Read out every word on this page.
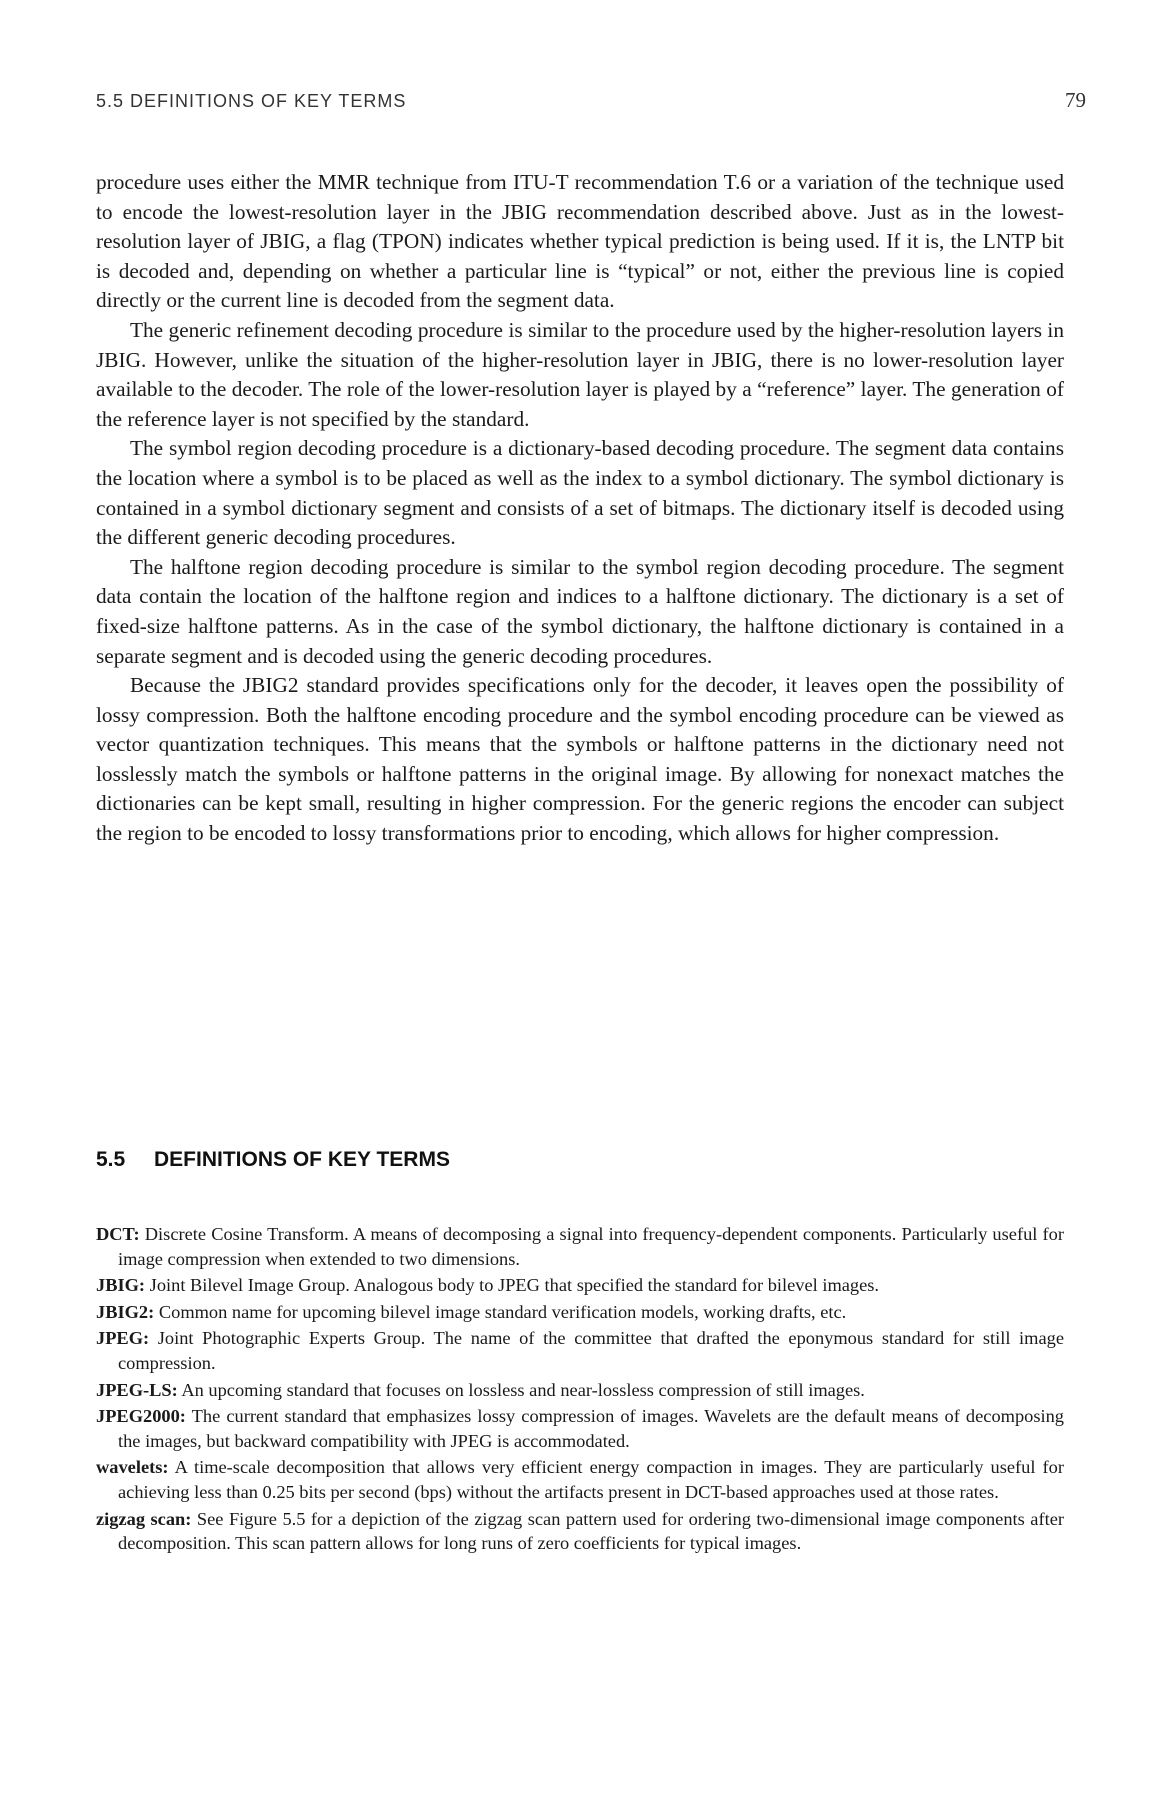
5.5 DEFINITIONS OF KEY TERMS	79

procedure uses either the MMR technique from ITU-T recommendation T.6 or a variation of the technique used to encode the lowest-resolution layer in the JBIG recommendation described above. Just as in the lowest-resolution layer of JBIG, a flag (TPON) indicates whether typical prediction is being used. If it is, the LNTP bit is decoded and, depending on whether a particular line is “typical” or not, either the previous line is copied directly or the current line is decoded from the segment data.

The generic refinement decoding procedure is similar to the procedure used by the higher-resolution layers in JBIG. However, unlike the situation of the higher-resolution layer in JBIG, there is no lower-resolution layer available to the decoder. The role of the lower-resolution layer is played by a “reference” layer. The generation of the reference layer is not specified by the standard.

The symbol region decoding procedure is a dictionary-based decoding procedure. The segment data contains the location where a symbol is to be placed as well as the index to a symbol dictionary. The symbol dictionary is contained in a symbol dictionary segment and consists of a set of bitmaps. The dictionary itself is decoded using the different generic decoding procedures.

The halftone region decoding procedure is similar to the symbol region decoding procedure. The segment data contain the location of the halftone region and indices to a halftone dictionary. The dictionary is a set of fixed-size halftone patterns. As in the case of the symbol dictionary, the halftone dictionary is contained in a separate segment and is decoded using the generic decoding procedures.

Because the JBIG2 standard provides specifications only for the decoder, it leaves open the possibility of lossy compression. Both the halftone encoding procedure and the symbol encoding procedure can be viewed as vector quantization techniques. This means that the symbols or halftone patterns in the dictionary need not losslessly match the symbols or halftone patterns in the original image. By allowing for nonexact matches the dictionaries can be kept small, resulting in higher compression. For the generic regions the encoder can subject the region to be encoded to lossy transformations prior to encoding, which allows for higher compression.

5.5 DEFINITIONS OF KEY TERMS

DCT: Discrete Cosine Transform. A means of decomposing a signal into frequency-dependent components. Particularly useful for image compression when extended to two dimensions.

JBIG: Joint Bilevel Image Group. Analogous body to JPEG that specified the standard for bilevel images.

JBIG2: Common name for upcoming bilevel image standard verification models, working drafts, etc.

JPEG: Joint Photographic Experts Group. The name of the committee that drafted the eponymous standard for still image compression.

JPEG-LS: An upcoming standard that focuses on lossless and near-lossless compression of still images.

JPEG2000: The current standard that emphasizes lossy compression of images. Wavelets are the default means of decomposing the images, but backward compatibility with JPEG is accommodated.

wavelets: A time-scale decomposition that allows very efficient energy compaction in images. They are particularly useful for achieving less than 0.25 bits per second (bps) without the artifacts present in DCT-based approaches used at those rates.

zigzag scan: See Figure 5.5 for a depiction of the zigzag scan pattern used for ordering two-dimensional image components after decomposition. This scan pattern allows for long runs of zero coefficients for typical images.
